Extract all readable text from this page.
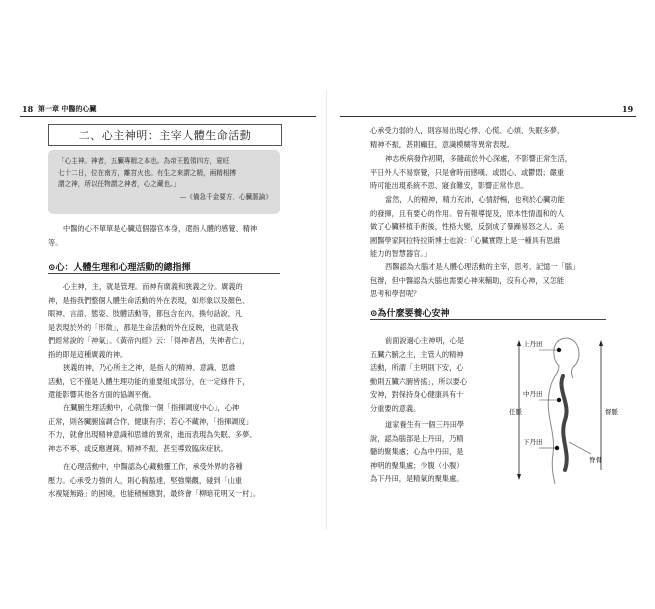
18 第一章 中醫的心臟
二、心主神明：主宰人體生命活動
「心主神。神者，五臟專精之本也。為帝王監領四方，夏旺
七十二日，位在南方，離宮火也。有生之來謂之精，兩精相搏
謂之神，所以任物謂之神者，心之藏也。」
—《備急千金要方．心臟脈論》
中醫的心不單單是心臟這個器官本身，還指人體的感覺、精神
等。
⊙心：人體生理和心理活動的總指揮
心主神，主，就是管理。而神有廣義和狹義之分。廣義的
神，是指我們整個人體生命活動的外在表現，如形象以及顏色、
眼神、言語、態姿、肢體活動等，都包含在內，換句話說，凡
是表現於外的「形徵」，都是生命活動的外在反映，也就是我
們經常說的「神氣」。《黃帝內經》云：「得神者昌，失神者亡」，
指的即是這種廣義的神。
狹義的神，乃心所主之神，是指人的精神、意識、思維
活動，它不僅是人體生理功能的重要組成部分，在一定條件下，
還能影響其他各方面的協調平衡。
在臟腑生理活動中，心就像一個「指揮調度中心」，心神
正常，則各臟腑協調合作，健康有序；若心不藏神，「指揮調度」
不力，就會出現精神意識和思維的異常，進而表現為失眠、多夢、
神志不寧、或反應遲鈍、精神不振，甚至導致臨床症狀。
在心理活動中，中醫認為心藏動靈工作，承受外界的各種
壓力。心承受力強的人，則心胸豁達，堅強樂觀，碰到「山重
水複疑無路」的困境，也能積極應對，最終會「柳暗花明又一村」。
19
心承受力弱的人，則容易出現心悸、心慌、心煩、失眠多夢、
精神不振，甚則癲狂，意識模糊等異常表現。
神志疾病發作初期，多隨疏於外心深處，不影響正常生活，
平日外人不易察覺，只是會時而感嘆、或悶心、或鬱悶；嚴重
時可能出現系統不思、寢食難安，影響正常作息。
當然，人的精神，精力充沛，心情舒暢，也利於心臟功能
的發揮，且有要心的作用。曾有報導提及，原本性情溫和的人
做了心臟移植手術後，性格大變，反倒成了暴躁易怒之人。美
國醫學家阿拉特拉斯博士也說：「心臟實際上是一種具有思維
能力的智慧器官。」
西醫認為大腦才是人體心理活動的主宰，思考、記憶一「腦」
包辦，但中醫認為大腦也需要心神來輔助，沒有心神，又怎能
思考和學習呢？
⊙為什麼要養心安神
前面說過心主神明，心是
五臟六腑之主，主管人的精神
活動，所謂「主明則下安，心
動則五臟六腑皆搖」，所以要心
安神，對保持身心健康具有十
分重要的意義。
道家養生有一個三丹田學
說，認為腦部是上丹田，乃精
髓的聚集處；心為中丹田，是
神明的聚集處；少腹（小腹）
為下丹田，是精氣的聚集處。
上丹田
中丹田
下丹田
任脈	督脈
脊骨
